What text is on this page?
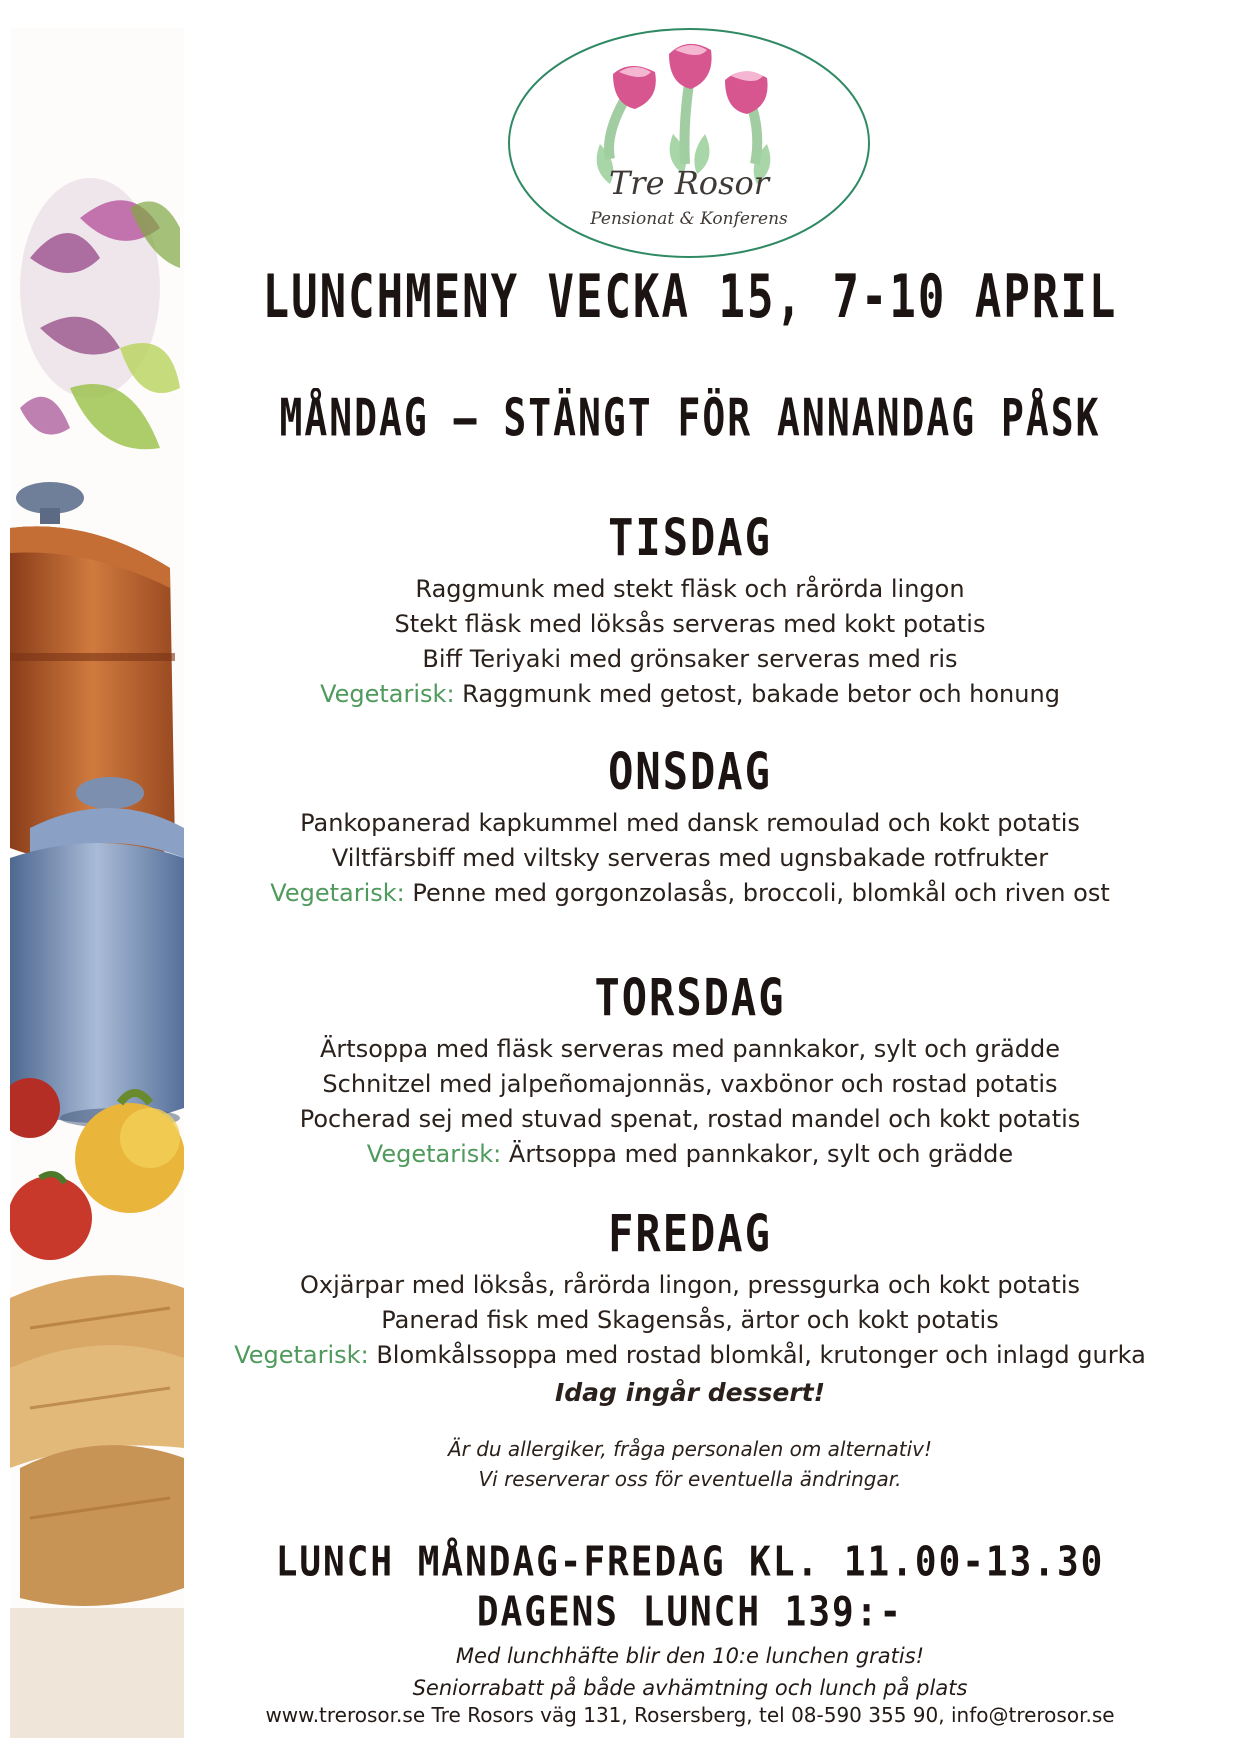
Tre Rosor
Pensionat & Konferens
LUNCHMENY VECKA 15, 7-10 APRIL
MÅNDAG – STÄNGT FÖR ANNANDAG PÅSK
TISDAG
Raggmunk med stekt fläsk och rårörda lingon
Stekt fläsk med löksås serveras med kokt potatis
Biff Teriyaki med grönsaker serveras med ris
Vegetarisk: Raggmunk med getost, bakade betor och honung
ONSDAG
Pankopanerad kapkummel med dansk remoulad och kokt potatis
Viltfärsbiff med viltsky serveras med ugnsbakade rotfrukter
Vegetarisk: Penne med gorgonzolasås, broccoli, blomkål och riven ost
TORSDAG
Ärtsoppa med fläsk serveras med pannkakor, sylt och grädde
Schnitzel med jalpeñomajonnäs, vaxbönor och rostad potatis
Pocherad sej med stuvad spenat, rostad mandel och kokt potatis
Vegetarisk: Ärtsoppa med pannkakor, sylt och grädde
FREDAG
Oxjärpar med löksås, rårörda lingon, pressgurka och kokt potatis
Panerad fisk med Skagensås, ärtor och kokt potatis
Vegetarisk: Blomkålssoppa med rostad blomkål, krutonger och inlagd gurka
Idag ingår dessert!
Är du allergiker, fråga personalen om alternativ!
Vi reserverar oss för eventuella ändringar.
LUNCH MÅNDAG-FREDAG KL. 11.00-13.30
DAGENS LUNCH 139:-
Med lunchhäfte blir den 10:e lunchen gratis!
Seniorrabatt på både avhämtning och lunch på plats
www.trerosor.se Tre Rosors väg 131, Rosersberg, tel 08-590 355 90, info@trerosor.se
